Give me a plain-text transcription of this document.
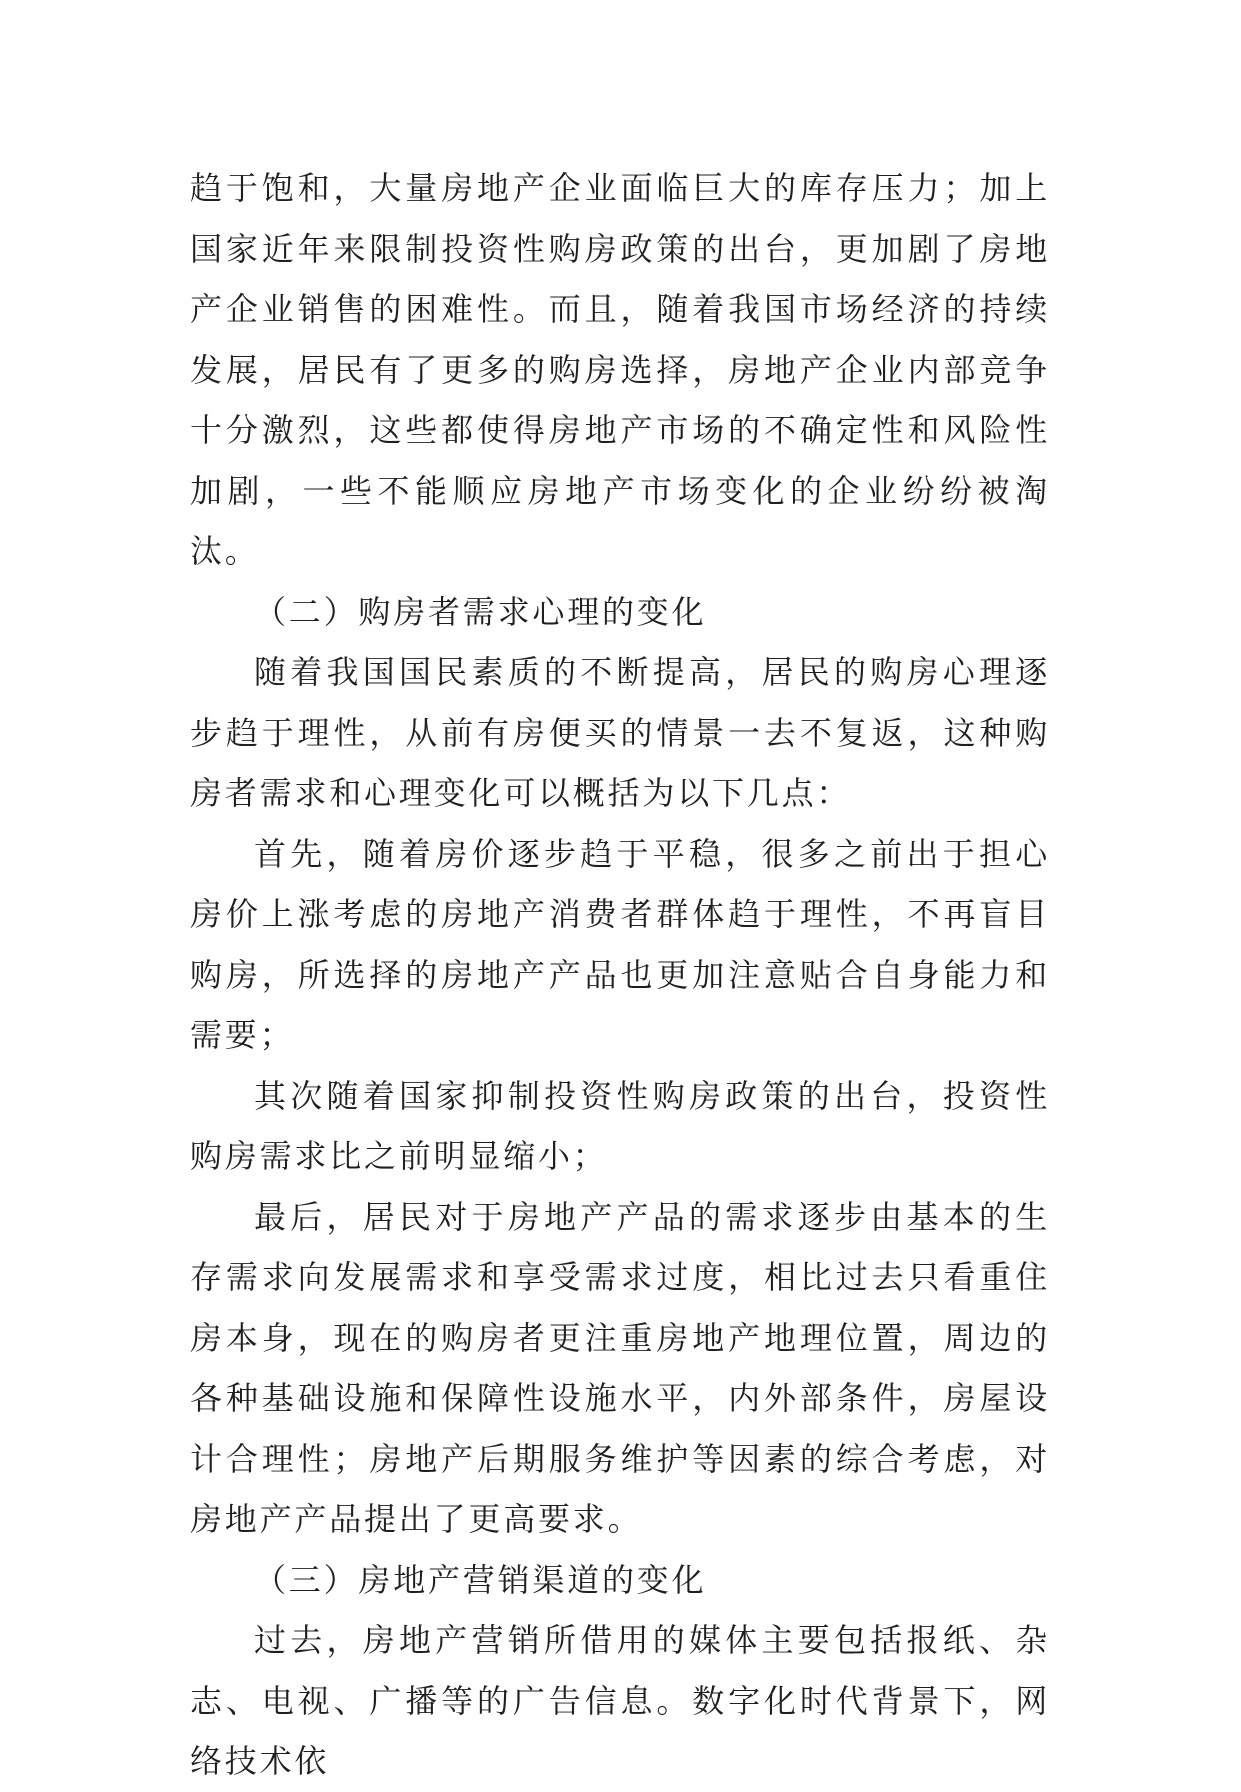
趋于饱和，大量房地产企业面临巨大的库存压力；加上国家近年来限制投资性购房政策的出台，更加剧了房地产企业销售的困难性。而且，随着我国市场经济的持续发展，居民有了更多的购房选择，房地产企业内部竞争十分激烈，这些都使得房地产市场的不确定性和风险性加剧，一些不能顺应房地产市场变化的企业纷纷被淘汰。

（二）购房者需求心理的变化

随着我国国民素质的不断提高，居民的购房心理逐步趋于理性，从前有房便买的情景一去不复返，这种购房者需求和心理变化可以概括为以下几点：

首先，随着房价逐步趋于平稳，很多之前出于担心房价上涨考虑的房地产消费者群体趋于理性，不再盲目购房，所选择的房地产产品也更加注意贴合自身能力和需要；

其次随着国家抑制投资性购房政策的出台，投资性购房需求比之前明显缩小；

最后，居民对于房地产产品的需求逐步由基本的生存需求向发展需求和享受需求过度，相比过去只看重住房本身，现在的购房者更注重房地产地理位置，周边的各种基础设施和保障性设施水平，内外部条件，房屋设计合理性；房地产后期服务维护等因素的综合考虑，对房地产产品提出了更高要求。

（三）房地产营销渠道的变化

过去，房地产营销所借用的媒体主要包括报纸、杂志、电视、广播等的广告信息。数字化时代背景下，网络技术依
